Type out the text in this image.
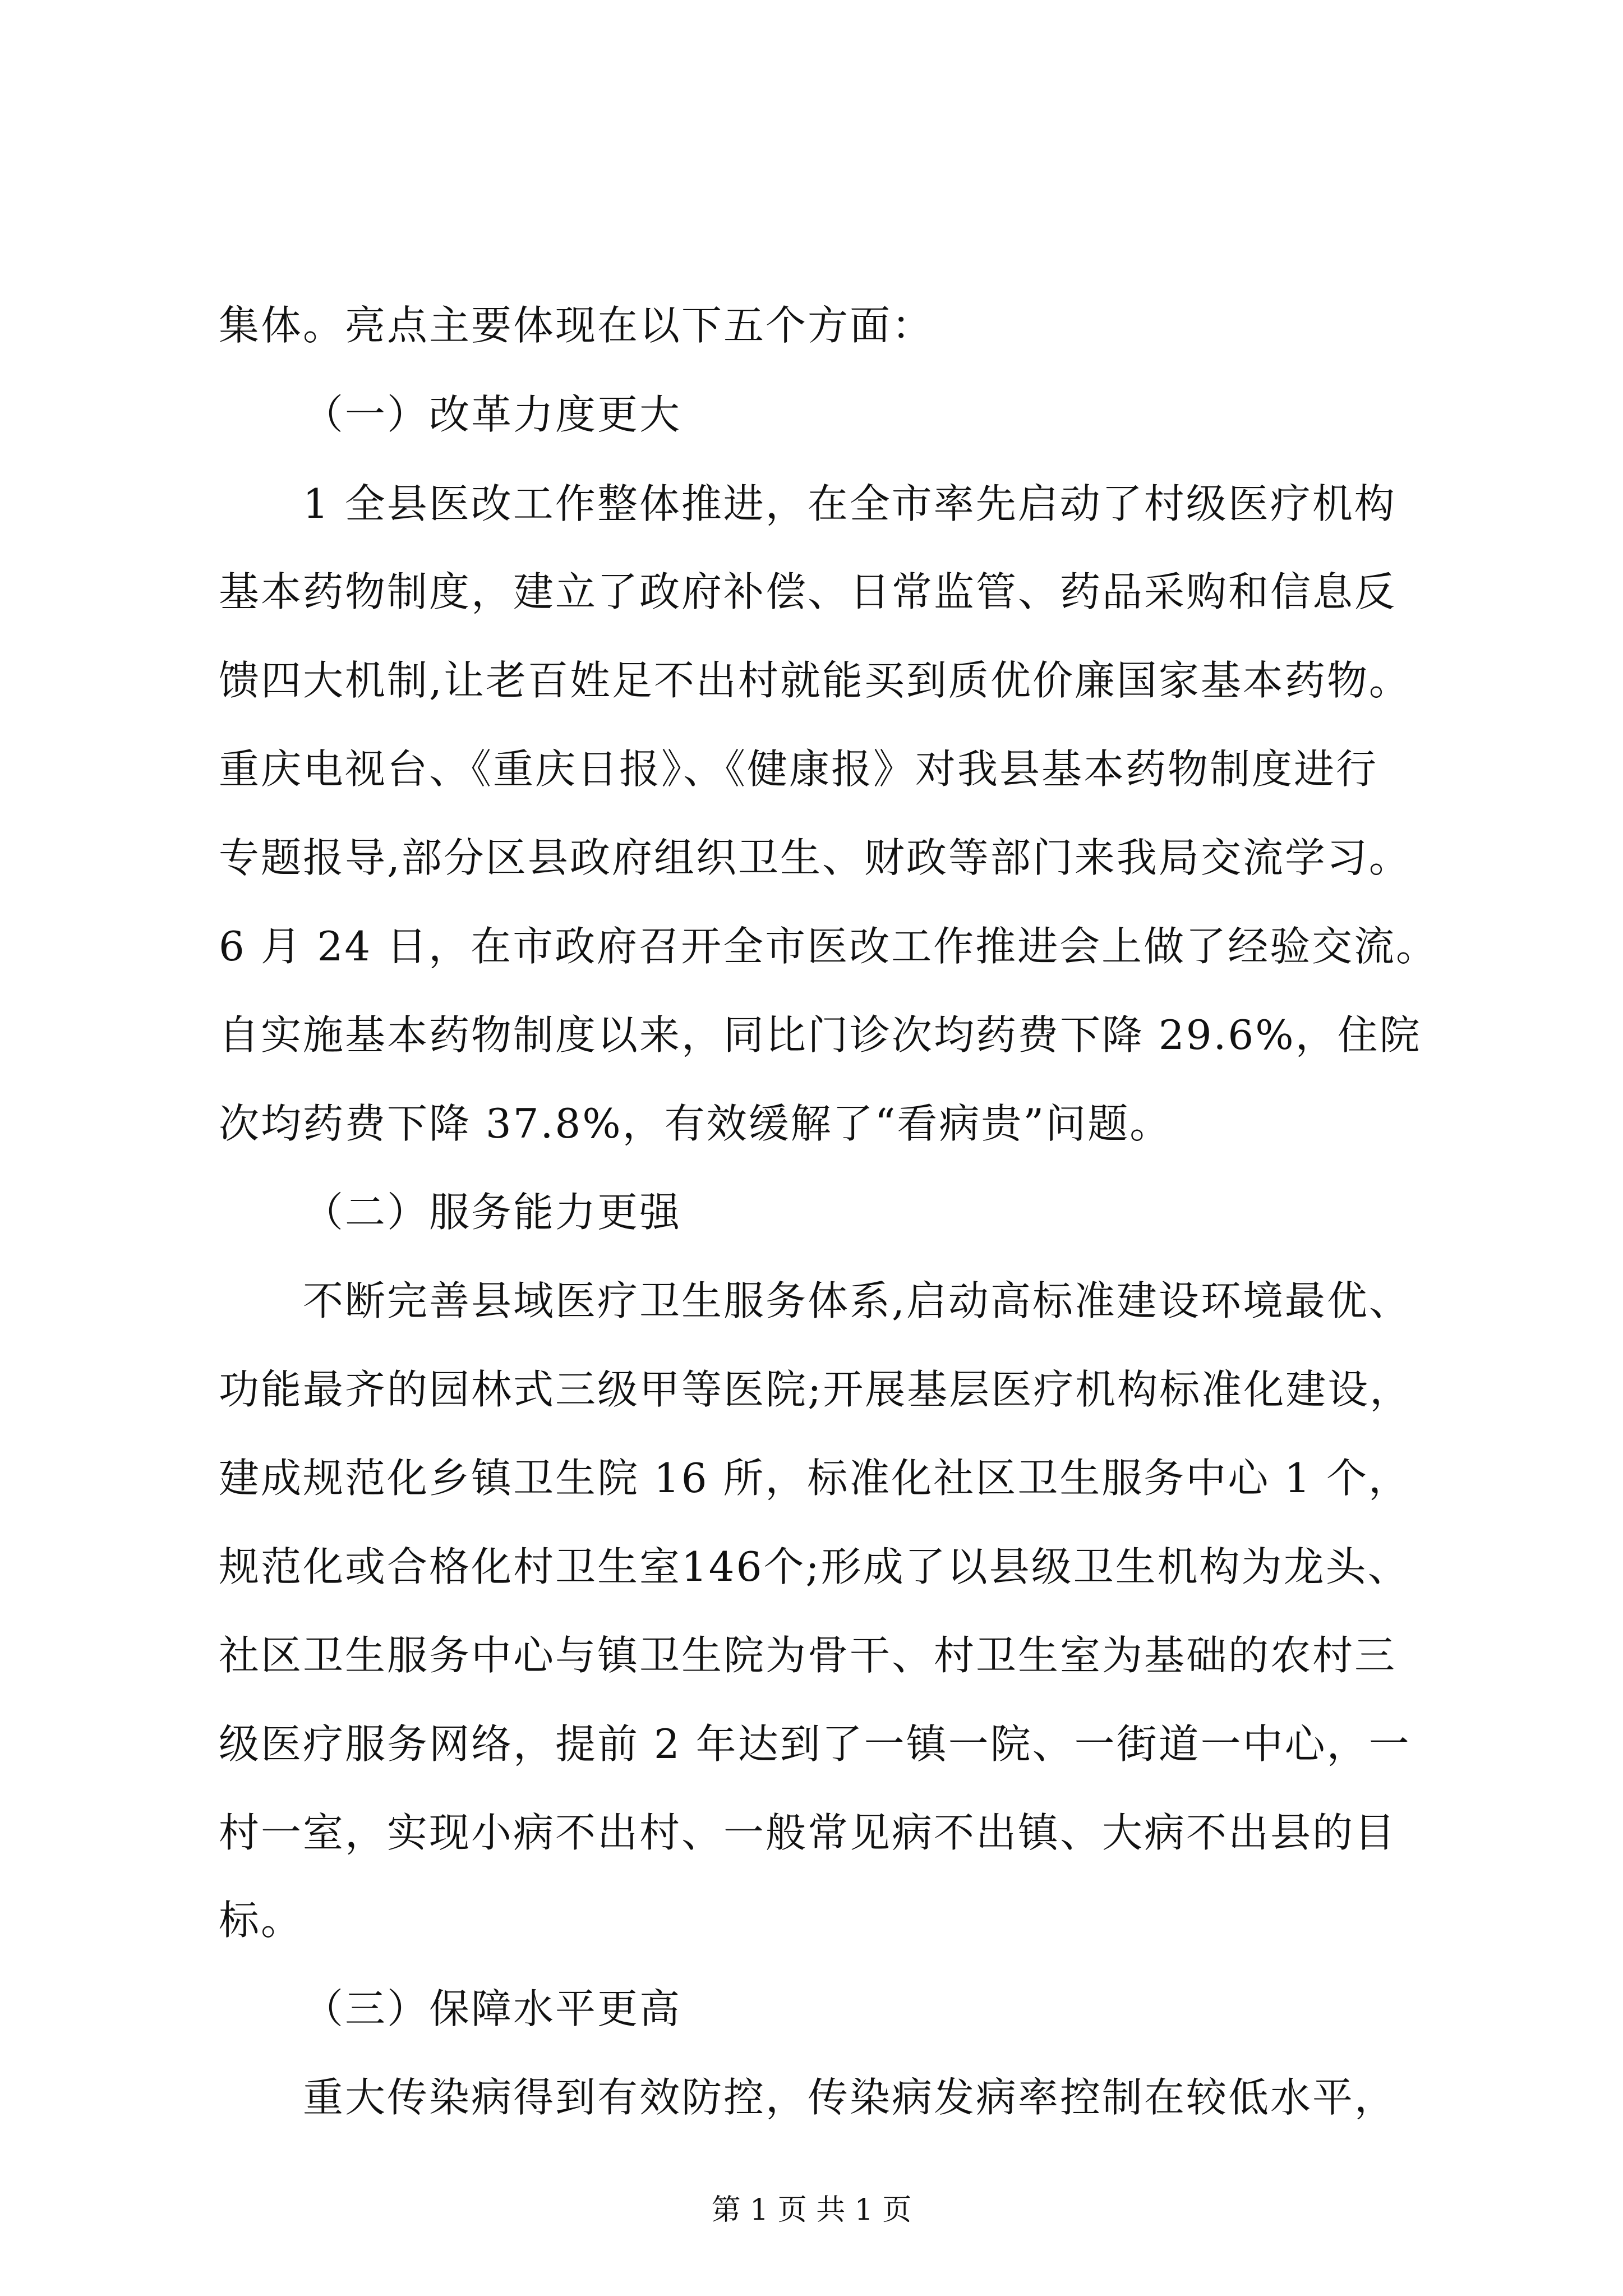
集体。亮点主要体现在以下五个方面：
（一）改革力度更大
1 全县医改工作整体推进，在全市率先启动了村级医疗机构
基本药物制度，建立了政府补偿、日常监管、药品采购和信息反
馈四大机制,让老百姓足不出村就能买到质优价廉国家基本药物。
重庆电视台、《重庆日报》、《健康报》对我县基本药物制度进行
专题报导,部分区县政府组织卫生、财政等部门来我局交流学习。
6 月 24 日，在市政府召开全市医改工作推进会上做了经验交流。
自实施基本药物制度以来，同比门诊次均药费下降 29.6%，住院
次均药费下降 37.8%，有效缓解了“看病贵”问题。
（二）服务能力更强
不断完善县域医疗卫生服务体系,启动高标准建设环境最优、
功能最齐的园林式三级甲等医院;开展基层医疗机构标准化建设，
建成规范化乡镇卫生院 16 所，标准化社区卫生服务中心 1 个，
规范化或合格化村卫生室146个;形成了以县级卫生机构为龙头、
社区卫生服务中心与镇卫生院为骨干、村卫生室为基础的农村三
级医疗服务网络，提前 2 年达到了一镇一院、一街道一中心，一
村一室，实现小病不出村、一般常见病不出镇、大病不出县的目
标。
（三）保障水平更高
重大传染病得到有效防控，传染病发病率控制在较低水平，
第 1 页 共 1 页
